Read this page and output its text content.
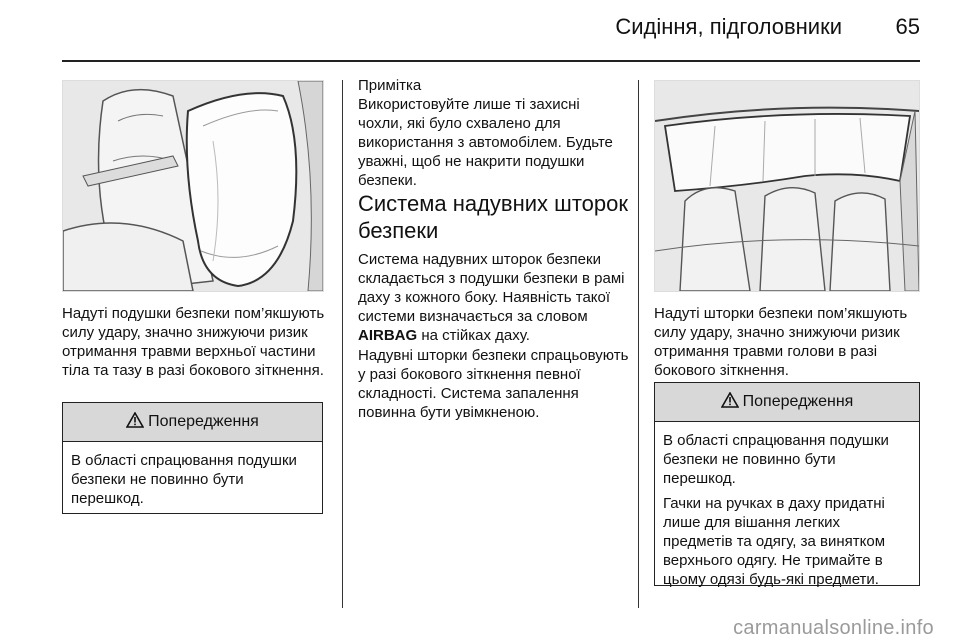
Сидіння, підголовники 65

Надуті подушки безпеки пом’якшують силу удару, значно знижуючи ризик отримання травми верхньої частини тіла та тазу в разі бокового зіткнення.

Попередження

В області спрацювання подушки безпеки не повинно бути перешкод.

Примітка
Використовуйте лише ті захисні чохли, які було схвалено для використання з автомобілем. Будьте уважні, щоб не накрити подушки безпеки.

Система надувних шторок безпеки

Система надувних шторок безпеки складається з подушки безпеки в рамі даху з кожного боку. Наявність такої системи визначається за словом AIRBAG на стійках даху.

Надувні шторки безпеки спрацьовують у разі бокового зіткнення певної складності. Система запалення повинна бути увімкненою.

Надуті шторки безпеки пом’якшують силу удару, значно знижуючи ризик отримання травми голови в разі бокового зіткнення.

Попередження

В області спрацювання подушки безпеки не повинно бути перешкод.

Гачки на ручках в даху придатні лише для вішання легких предметів та одягу, за винятком верхнього одягу. Не тримайте в цьому одязі будь-які предмети.

carmanualsonline.info
